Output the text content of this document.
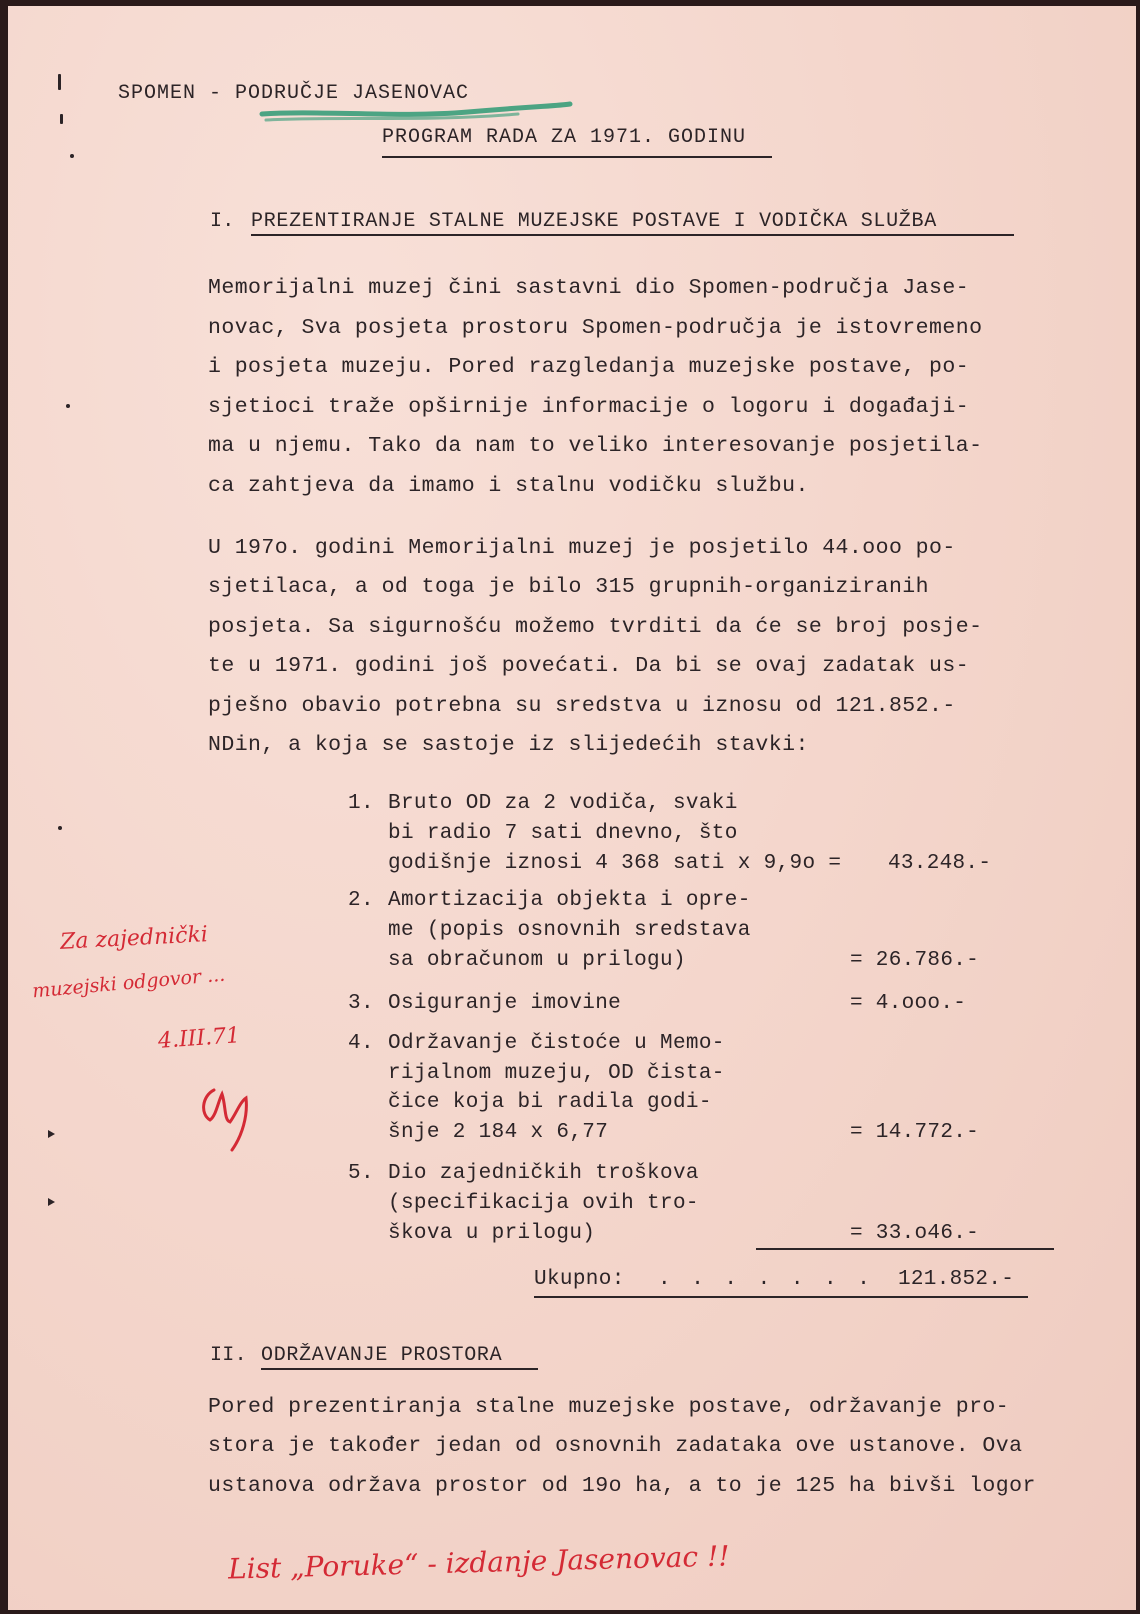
SPOMEN - PODRUČJE JASENOVAC
PROGRAM RADA ZA 1971. GODINU
I. PREZENTIRANJE STALNE MUZEJSKE POSTAVE I VODIČKA SLUŽBA
Memorijalni muzej čini sastavni dio Spomen-područja Jase-
novac, Sva posjeta prostoru Spomen-područja je istovremeno
i posjeta muzeju. Pored razgledanja muzejske postave, po-
sjetioci traže opširnije informacije o logoru i događaji-
ma u njemu. Tako da nam to veliko interesovanje posjetila-
ca zahtjeva da imamo i stalnu vodičku službu.
U 197o. godini Memorijalni muzej je posjetilo 44.ooo po-
sjetilaca, a od toga je bilo 315 grupnih-organiziranih
posjeta. Sa sigurnošću možemo tvrditi da će se broj posje-
te u 1971. godini još povećati. Da bi se ovaj zadatak us-
pješno obavio potrebna su sredstva u iznosu od 121.852.-
NDin, a koja se sastoje iz slijedećih stavki:
1. Bruto OD za 2 vodiča, svaki
bi radio 7 sati dnevno, što
godišnje iznosi 4 368 sati x 9,9o = 43.248.-
2. Amortizacija objekta i opre-
me (popis osnovnih sredstava
sa obračunom u prilogu)	= 26.786.-
3. Osiguranje imovine	= 4.ooo.-
4. Održavanje čistoće u Memo-
rijalnom muzeju, OD čista-
čice koja bi radila godi-
šnje 2 184 x 6,77	= 14.772.-
5. Dio zajedničkih troškova
(specifikacija ovih tro-
škova u prilogu)	= 33.o46.-
Ukupno: . . . . . . . 121.852.-
II. ODRŽAVANJE PROSTORA
Pored prezentiranja stalne muzejske postave, održavanje pro-
stora je također jedan od osnovnih zadataka ove ustanove. Ova
ustanova održava prostor od 19o ha, a to je 125 ha bivši logor
Za zajednički
muzejski odgovor ...
4.III.71
List „Poruke“ - izdanje Jasenovac !!
